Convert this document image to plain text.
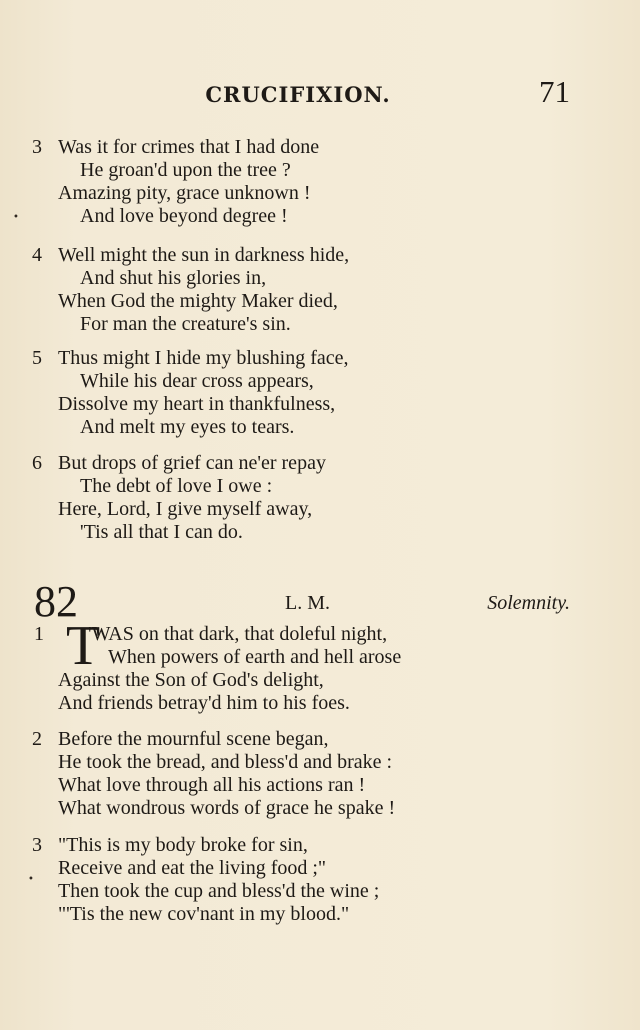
CRUCIFIXION.	71
3 Was it for crimes that I had done
He groan'd upon the tree ?
Amazing pity, grace unknown !
And love beyond degree !
•
4 Well might the sun in darkness hide,
And shut his glories in,
When God the mighty Maker died,
For man the creature's sin.
5 Thus might I hide my blushing face,
While his dear cross appears,
Dissolve my heart in thankfulness,
And melt my eyes to tears.
6 But drops of grief can ne'er repay
The debt of love I owe :
Here, Lord, I give myself away,
'Tis all that I can do.
82	L. M.	Solemnity.
T
1	'WAS on that dark, that doleful night,
When powers of earth and hell arose
Against the Son of God's delight,
And friends betray'd him to his foes.
2 Before the mournful scene began,
He took the bread, and bless'd and brake :
What love through all his actions ran !
What wondrous words of grace he spake !
3 "This is my body broke for sin,
Receive and eat the living food ;"
Then took the cup and bless'd the wine ;
"'Tis the new cov'nant in my blood."
•
